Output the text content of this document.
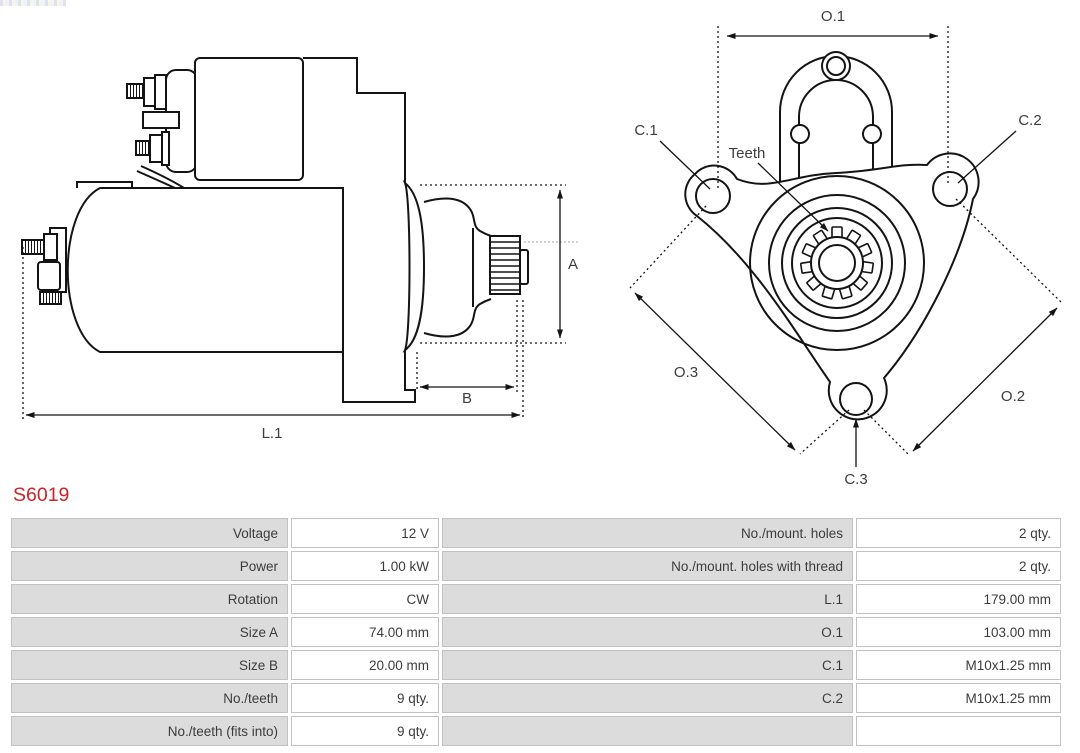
L.1
B
A
O.1
C.1
C.2
Teeth
O.3
O.2
C.3
S6019
Voltage	12 V	No./mount. holes	2 qty.
Power	1.00 kW	No./mount. holes with thread	2 qty.
Rotation	CW	L.1	179.00 mm
Size A	74.00 mm	O.1	103.00 mm
Size B	20.00 mm	C.1	M10x1.25 mm
No./teeth	9 qty.	C.2	M10x1.25 mm
No./teeth (fits into)	9 qty.		
